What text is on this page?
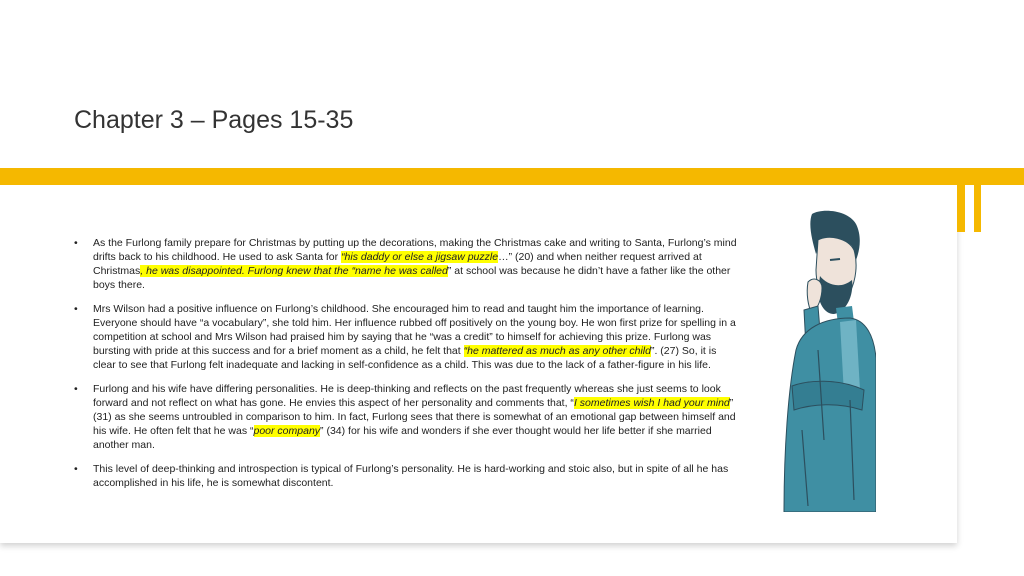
Chapter 3 – Pages 15-35
• As the Furlong family prepare for Christmas by putting up the decorations, making the Christmas cake and writing to Santa, Furlong’s mind drifts back to his childhood. He used to ask Santa for “his daddy or else a jigsaw puzzle…” (20) and when neither request arrived at Christmas, he was disappointed. Furlong knew that the “name he was called” at school was because he didn’t have a father like the other boys there.
• Mrs Wilson had a positive influence on Furlong’s childhood. She encouraged him to read and taught him the importance of learning. Everyone should have “a vocabulary”, she told him. Her influence rubbed off positively on the young boy. He won first prize for spelling in a competition at school and Mrs Wilson had praised him by saying that he “was a credit” to himself for achieving this prize. Furlong was bursting with pride at this success and for a brief moment as a child, he felt that “he mattered as much as any other child”. (27) So, it is clear to see that Furlong felt inadequate and lacking in self-confidence as a child. This was due to the lack of a father-figure in his life.
• Furlong and his wife have differing personalities. He is deep-thinking and reflects on the past frequently whereas she just seems to look forward and not reflect on what has gone. He envies this aspect of her personality and comments that, “I sometimes wish I had your mind” (31) as she seems untroubled in comparison to him. In fact, Furlong sees that there is somewhat of an emotional gap between himself and his wife. He often felt that he was “poor company” (34) for his wife and wonders if she ever thought would her life better if she married another man.
• This level of deep-thinking and introspection is typical of Furlong’s personality. He is hard-working and stoic also, but in spite of all he has accomplished in his life, he is somewhat discontent.
